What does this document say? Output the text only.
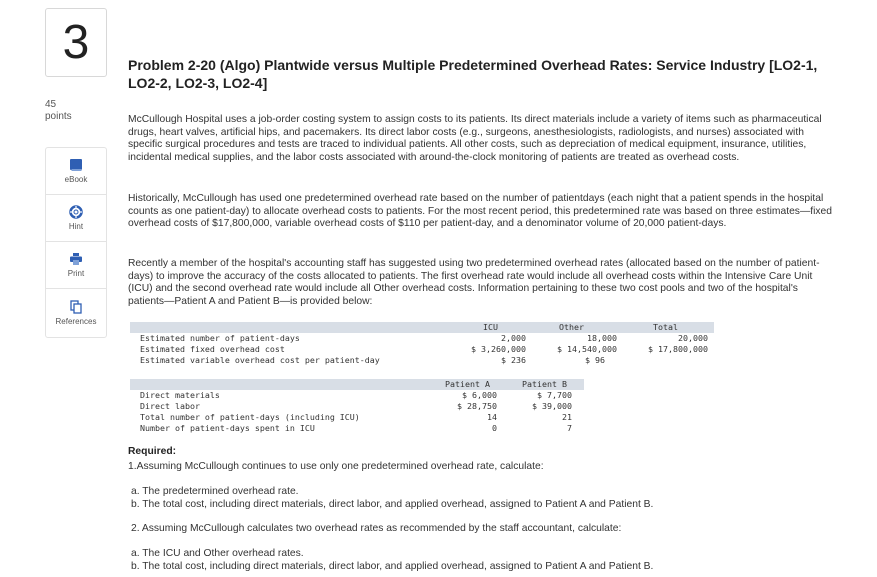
3
45
points
eBook
Hint
Print
References
Problem 2-20 (Algo) Plantwide versus Multiple Predetermined Overhead Rates: Service Industry [LO2-1, LO2-2, LO2-3, LO2-4]

McCullough Hospital uses a job-order costing system to assign costs to its patients. Its direct materials include a variety of items such as pharmaceutical drugs, heart valves, artificial hips, and pacemakers. Its direct labor costs (e.g., surgeons, anesthesiologists, radiologists, and nurses) associated with specific surgical procedures and tests are traced to individual patients. All other costs, such as depreciation of medical equipment, insurance, utilities, incidental medical supplies, and the labor costs associated with around-the-clock monitoring of patients are treated as overhead costs.

Historically, McCullough has used one predetermined overhead rate based on the number of patientdays (each night that a patient spends in the hospital counts as one patient-day) to allocate overhead costs to patients. For the most recent period, this predetermined rate was based on three estimates—fixed overhead costs of $17,800,000, variable overhead costs of $110 per patient-day, and a denominator volume of 20,000 patient-days.

Recently a member of the hospital's accounting staff has suggested using two predetermined overhead rates (allocated based on the number of patient-days) to improve the accuracy of the costs allocated to patients. The first overhead rate would include all overhead costs within the Intensive Care Unit (ICU) and the second overhead rate would include all Other overhead costs. Information pertaining to these two cost pools and two of the hospital's patients—Patient A and Patient B—is provided below:

	ICU	Other	Total
Estimated number of patient-days	2,000	18,000	20,000
Estimated fixed overhead cost	$ 3,260,000	$ 14,540,000	$ 17,800,000
Estimated variable overhead cost per patient-day	$ 236	$ 96	
	Patient A	Patient B
Direct materials	$ 6,000	$ 7,700
Direct labor	$ 28,750	$ 39,000
Total number of patient-days (including ICU)	14	21
Number of patient-days spent in ICU	0	7

Required:

1.Assuming McCullough continues to use only one predetermined overhead rate, calculate:

a. The predetermined overhead rate.

b. The total cost, including direct materials, direct labor, and applied overhead, assigned to Patient A and Patient B.

2. Assuming McCullough calculates two overhead rates as recommended by the staff accountant, calculate:

a. The ICU and Other overhead rates.

b. The total cost, including direct materials, direct labor, and applied overhead, assigned to Patient A and Patient B.
